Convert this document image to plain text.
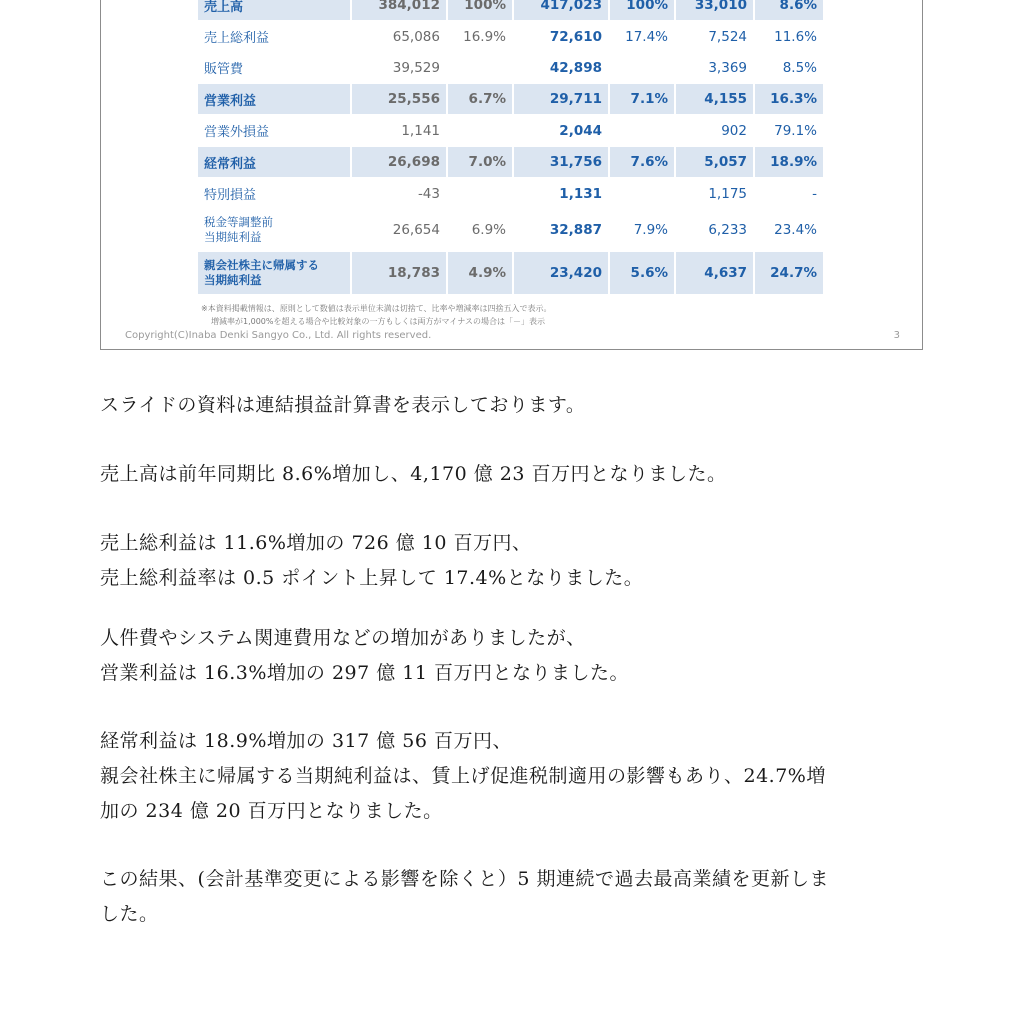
売上高	384,012	100%	417,023	100%	33,010	8.6%
売上総利益	65,086	16.9%	72,610	17.4%	7,524	11.6%
販管費	39,529		42,898		3,369	8.5%
営業利益	25,556	6.7%	29,711	7.1%	4,155	16.3%
営業外損益	1,141		2,044		902	79.1%
経常利益	26,698	7.0%	31,756	7.6%	5,057	18.9%
特別損益	-43		1,131		1,175	-

税金等調整前
当期純利益	26,654	6.9%	32,887	7.9%	6,233	23.4%

親会社株主に帰属する
当期純利益	18,783	4.9%	23,420	5.6%	4,637	24.7%
※本資料掲載情報は、原則として数値は表示単位未満は切捨て、比率や増減率は四捨五入で表示。
増減率が1,000%を超える場合や比較対象の一方もしくは両方がマイナスの場合は「－」表示
Copyright(C)Inaba Denki Sangyo Co., Ltd. All rights reserved.	3

スライドの資料は連結損益計算書を表示しております。

売上高は前年同期比 8.6%増加し、4,170 億 23 百万円となりました。

売上総利益は 11.6%増加の 726 億 10 百万円、
売上総利益率は 0.5 ポイント上昇して 17.4%となりました。

人件費やシステム関連費用などの増加がありましたが、
営業利益は 16.3%増加の 297 億 11 百万円となりました。

経常利益は 18.9%増加の 317 億 56 百万円、
親会社株主に帰属する当期純利益は、賃上げ促進税制適用の影響もあり、24.7%増
加の 234 億 20 百万円となりました。

この結果、(会計基準変更による影響を除くと）5 期連続で過去最高業績を更新しま
した。
